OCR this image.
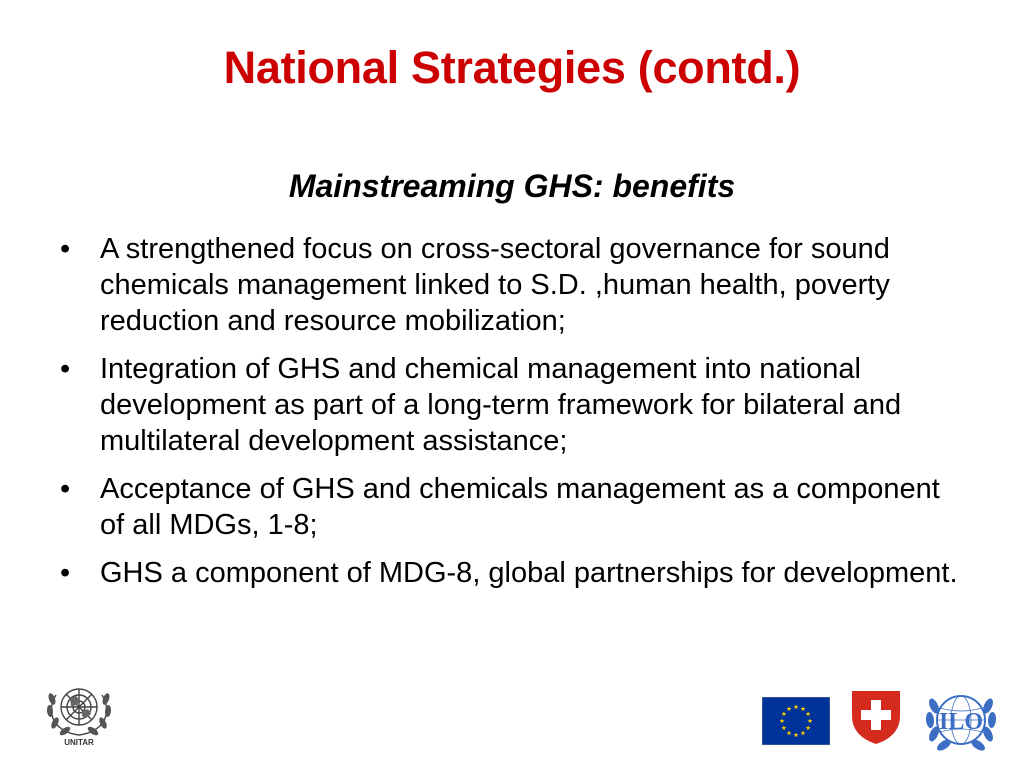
National Strategies (contd.)
Mainstreaming GHS: benefits
•	A strengthened focus on cross-sectoral governance for sound chemicals management linked to S.D. ,human health, poverty reduction and resource mobilization;
•	Integration of GHS and chemical management into national development as part of a long-term framework for bilateral and multilateral development assistance;
•	Acceptance of GHS and chemicals management as a component of all MDGs, 1-8;
•	GHS a component of MDG-8, global partnerships for development.
UNITAR
ILO
